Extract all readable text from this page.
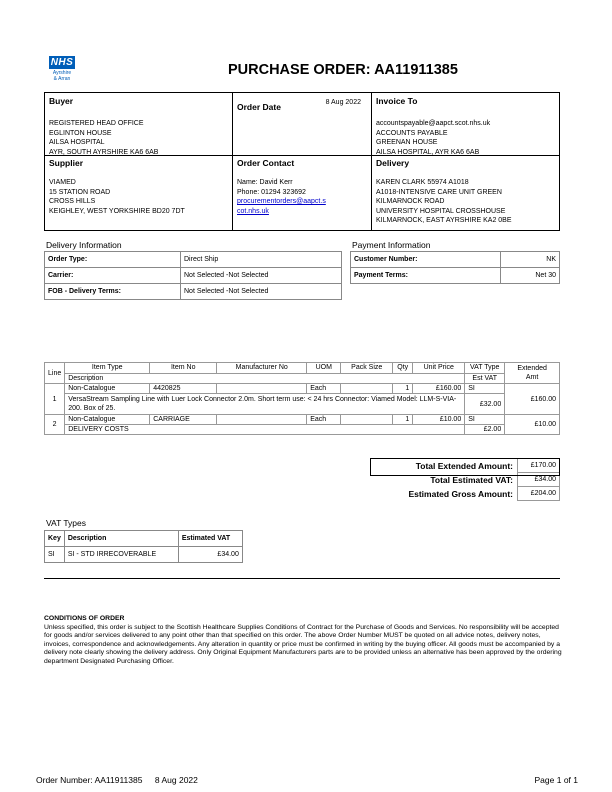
NHS
Ayrshire
& Arran
PURCHASE ORDER: AA11911385
Buyer
REGISTERED HEAD OFFICE
EGLINTON HOUSE
AILSA HOSPITAL
AYR, SOUTH AYRSHIRE KA6 6AB
Order Date	8 Aug 2022 Invoice To
accountspayable@aapct.scot.nhs.uk
ACCOUNTS PAYABLE
GREENAN HOUSE
AILSA HOSPITAL, AYR KA6 6AB
Supplier
VIAMED
15 STATION ROAD
CROSS HILLS
KEIGHLEY, WEST YORKSHIRE BD20 7DT
Order Contact
Name: David Kerr
Phone: 01294 323692
procurementorders@aapct.s
cot.nhs.uk
Delivery
KAREN CLARK 55974 A1018
A1018-INTENSIVE CARE UNIT GREEN
KILMARNOCK ROAD
UNIVERSITY HOSPITAL CROSSHOUSE
KILMARNOCK, EAST AYRSHIRE KA2 0BE
Delivery Information
Order Type:	Direct Ship
Carrier:	Not Selected -Not Selected
FOB - Delivery Terms:	Not Selected -Not Selected
Payment Information
Customer Number:	NK
Payment Terms:	Net 30
Line	Item Type	Item No	Manufacturer No	UOM	Pack Size	Qty	Unit Price	VAT Type	Extended
Amt

	Description							Est VAT	
1	Non-Catalogue	4420825		Each		1	£160.00	SI	£160.00
	VersaStream Sampling Line with Luer Lock Connector 2.0m. Short term use: < 24 hrs Connector: Viamed Model: LLM-S-VIA-200. Box of 25.							£32.00	
2	Non-Catalogue	CARRIAGE		Each		1	£10.00	SI	£10.00
	DELIVERY COSTS							£2.00	
Total Extended Amount:	£170.00
Total Estimated VAT:	£34.00
Estimated Gross Amount:	£204.00
VAT Types
Key	Description	Estimated VAT
SI	SI - STD IRRECOVERABLE	£34.00
CONDITIONS OF ORDER
Unless specified, this order is subject to the Scottish Healthcare Supplies Conditions of Contract for the Purchase of Goods and Services. No responsibility will be accepted for goods and/or services delivered to any point other than that specified on this order. The above Order Number MUST be quoted on all advice notes, delivery notes, invoices, correspondence and acknowledgements. Any alteration in quantity or price must be confirmed in writing by the buying officer. All goods must be accompanied by a delivery note clearly showing the delivery address. Only Original Equipment Manufacturers parts are to be provided unless an alternative has been approved by the ordering department Designated Purchasing Officer.
Order Number: AA11911385 8 Aug 2022	Page 1 of 1
